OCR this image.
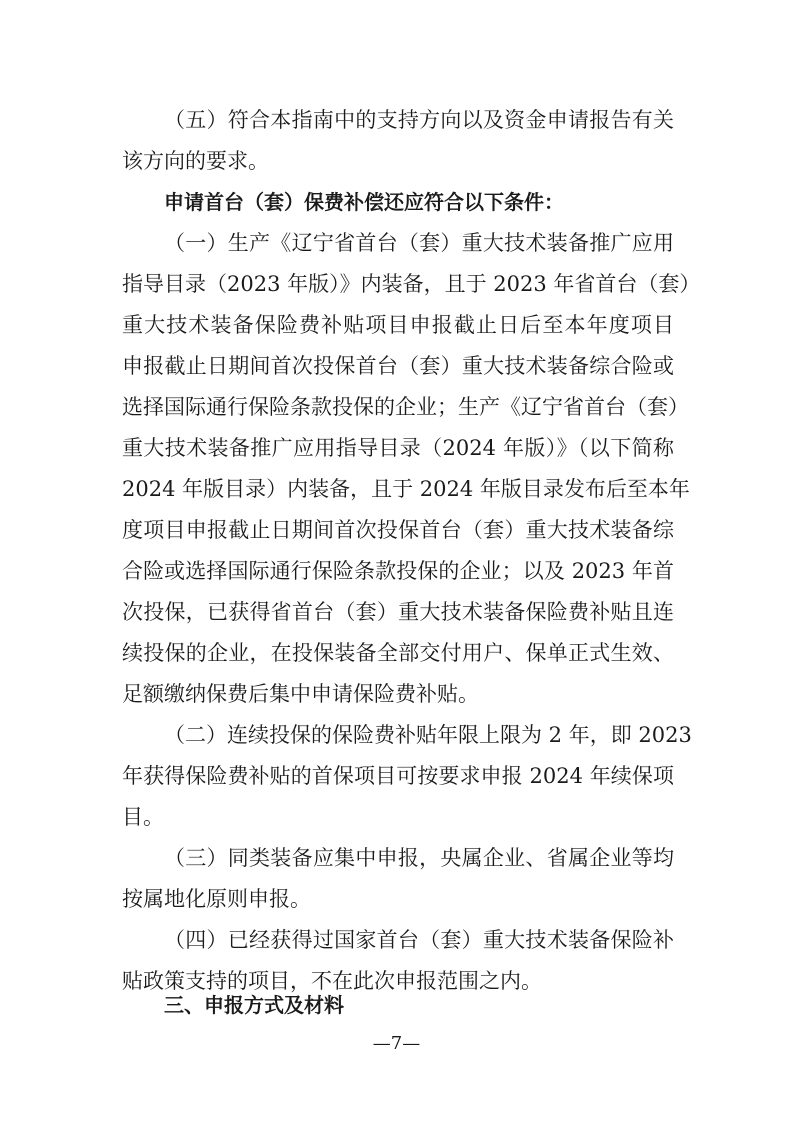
（五）符合本指南中的支持方向以及资金申请报告有关
该方向的要求。
申请首台（套）保费补偿还应符合以下条件：
（一）生产《辽宁省首台（套）重大技术装备推广应用
指导目录（2023 年版）》内装备，且于 2023 年省首台（套）
重大技术装备保险费补贴项目申报截止日后至本年度项目
申报截止日期间首次投保首台（套）重大技术装备综合险或
选择国际通行保险条款投保的企业；生产《辽宁省首台（套）
重大技术装备推广应用指导目录（2024 年版）》（以下简称
2024 年版目录）内装备，且于 2024 年版目录发布后至本年
度项目申报截止日期间首次投保首台（套）重大技术装备综
合险或选择国际通行保险条款投保的企业；以及 2023 年首
次投保，已获得省首台（套）重大技术装备保险费补贴且连
续投保的企业，在投保装备全部交付用户、保单正式生效、
足额缴纳保费后集中申请保险费补贴。
（二）连续投保的保险费补贴年限上限为 2 年，即 2023
年获得保险费补贴的首保项目可按要求申报 2024 年续保项
目。
（三）同类装备应集中申报，央属企业、省属企业等均
按属地化原则申报。
（四）已经获得过国家首台（套）重大技术装备保险补
贴政策支持的项目，不在此次申报范围之内。
三、申报方式及材料
—7—
